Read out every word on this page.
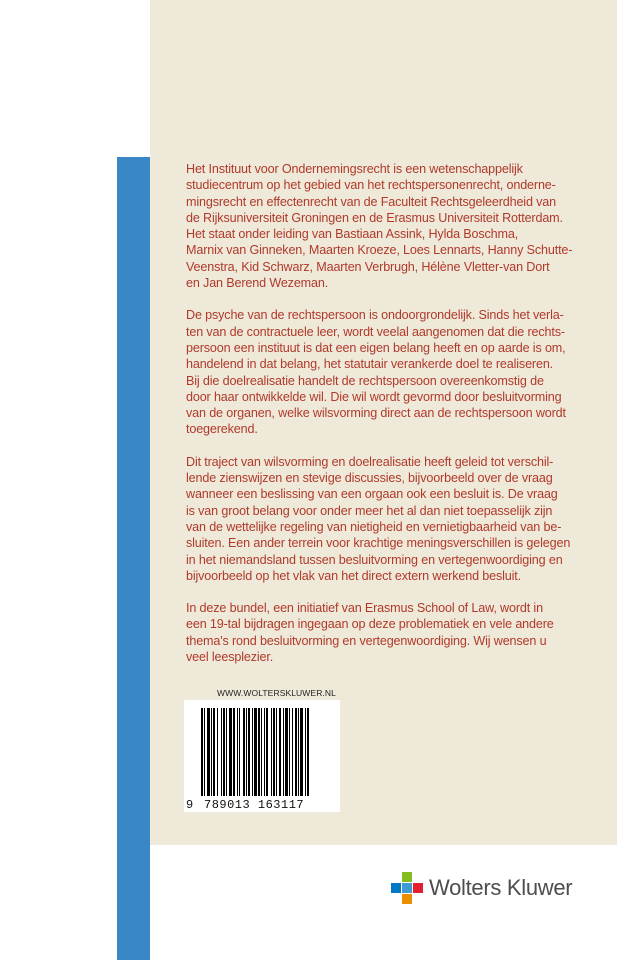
Het Instituut voor Ondernemingsrecht is een wetenschappelijk
studiecentrum op het gebied van het rechtspersonenrecht, onderne-
mingsrecht en effectenrecht van de Faculteit Rechtsgeleerdheid van
de Rijksuniversiteit Groningen en de Erasmus Universiteit Rotterdam.
Het staat onder leiding van Bastiaan Assink, Hylda Boschma,
Marnix van Ginneken, Maarten Kroeze, Loes Lennarts, Hanny Schutte-
Veenstra, Kid Schwarz, Maarten Verbrugh, Hélène Vletter-van Dort
en Jan Berend Wezeman.

De psyche van de rechtspersoon is ondoorgrondelijk. Sinds het verla-
ten van de contractuele leer, wordt veelal aangenomen dat die rechts-
persoon een instituut is dat een eigen belang heeft en op aarde is om,
handelend in dat belang, het statutair verankerde doel te realiseren.
Bij die doelrealisatie handelt de rechtspersoon overeenkomstig de
door haar ontwikkelde wil. Die wil wordt gevormd door besluitvorming
van de organen, welke wilsvorming direct aan de rechtspersoon wordt
toegerekend.

Dit traject van wilsvorming en doelrealisatie heeft geleid tot verschil-
lende zienswijzen en stevige discussies, bijvoorbeeld over de vraag
wanneer een beslissing van een orgaan ook een besluit is. De vraag
is van groot belang voor onder meer het al dan niet toepasselijk zijn
van de wettelijke regeling van nietigheid en vernietigbaarheid van be-
sluiten. Een ander terrein voor krachtige meningsverschillen is gelegen
in het niemandsland tussen besluitvorming en vertegenwoordiging en
bijvoorbeeld op het vlak van het direct extern werkend besluit.

In deze bundel, een initiatief van Erasmus School of Law, wordt in
een 19-tal bijdragen ingegaan op deze problematiek en vele andere
thema's rond besluitvorming en vertegenwoordiging. Wij wensen u
veel leesplezier.

WWW.WOLTERSKLUWER.NL
9 789013 163117
Wolters Kluwer
